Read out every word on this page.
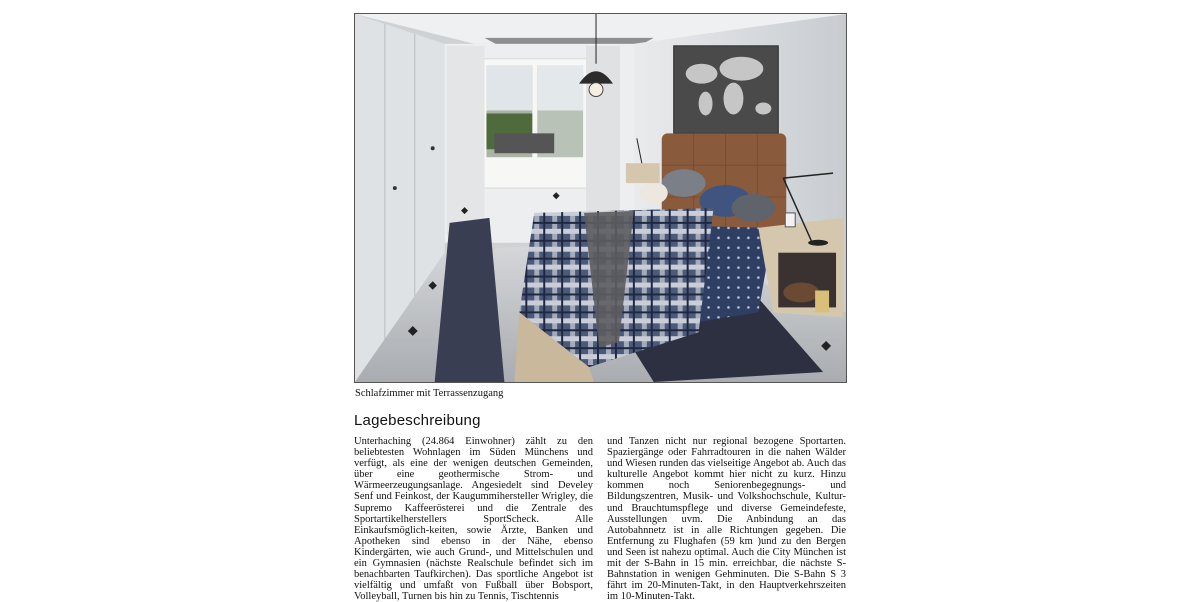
Schlafzimmer mit Terrassenzugang
Lagebeschreibung

Unterhaching (24.864 Einwohner) zählt zu den beliebtesten Wohnlagen im Süden Münchens und verfügt, als eine der wenigen deutschen Gemeinden, über eine geothermische Strom- und Wärmeerzeugungsanlage. Angesiedelt sind Develey Senf und Feinkost, der Kaugummihersteller Wrigley, die Supremo Kaffeerösterei und die Zentrale des Sportartikelherstellers SportScheck. Alle Einkaufsmöglich-keiten, sowie Ärzte, Banken und Apotheken sind ebenso in der Nähe, ebenso Kindergärten, wie auch Grund-, und Mittelschulen und ein Gymnasien (nächste Realschule befindet sich im benachbarten Taufkirchen). Das sportliche Angebot ist vielfältig und umfaßt von Fußball über Bobsport, Volleyball, Turnen bis hin zu Tennis, Tischtennis

und Tanzen nicht nur regional bezogene Sportarten. Spaziergänge oder Fahrradtouren in die nahen Wälder und Wiesen runden das vielseitige Angebot ab. Auch das kulturelle Angebot kommt hier nicht zu kurz. Hinzu kommen noch Seniorenbegegnungs- und Bildungszentren, Musik- und Volkshochschule, Kultur- und Brauchtumspflege und diverse Gemeindefeste, Ausstellungen uvm. Die Anbindung an das Autobahnnetz ist in alle Richtungen gegeben. Die Entfernung zu Flughafen (59 km )und zu den Bergen und Seen ist nahezu optimal. Auch die City München ist mit der S-Bahn in 15 min. erreichbar, die nächste S-Bahnstation in wenigen Gehminuten. Die S-Bahn S 3 fährt im 20-Minuten-Takt, in den Hauptverkehrszeiten im 10-Minuten-Takt.
